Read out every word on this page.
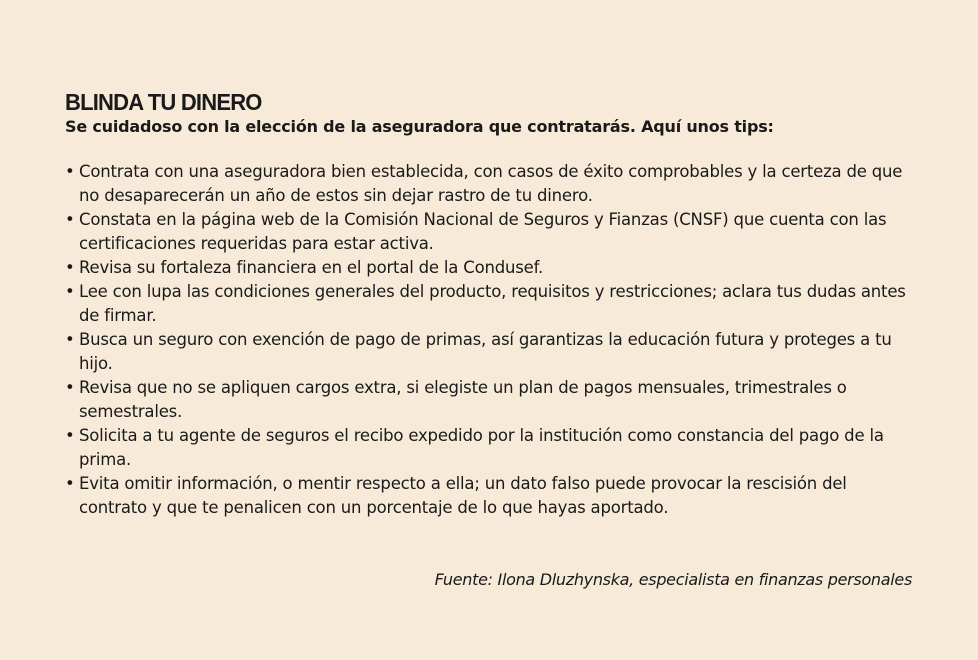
BLINDA TU DINERO

Se cuidadoso con la elección de la aseguradora que contratarás. Aquí unos tips:

• Contrata con una aseguradora bien establecida, con casos de éxito comprobables y la certeza de que no desaparecerán un año de estos sin dejar rastro de tu dinero.
• Constata en la página web de la Comisión Nacional de Seguros y Fianzas (CNSF) que cuenta con las certificaciones requeridas para estar activa.
• Revisa su fortaleza financiera en el portal de la Condusef.
• Lee con lupa las condiciones generales del producto, requisitos y restricciones; aclara tus dudas antes de firmar.
• Busca un seguro con exención de pago de primas, así garantizas la educación futura y proteges a tu hijo.
• Revisa que no se apliquen cargos extra, si elegiste un plan de pagos mensuales, trimestrales o semestrales.
• Solicita a tu agente de seguros el recibo expedido por la institución como constancia del pago de la prima.
• Evita omitir información, o mentir respecto a ella; un dato falso puede provocar la rescisión del contrato y que te penalicen con un porcentaje de lo que hayas aportado.
Fuente: Ilona Dluzhynska, especialista en finanzas personales
